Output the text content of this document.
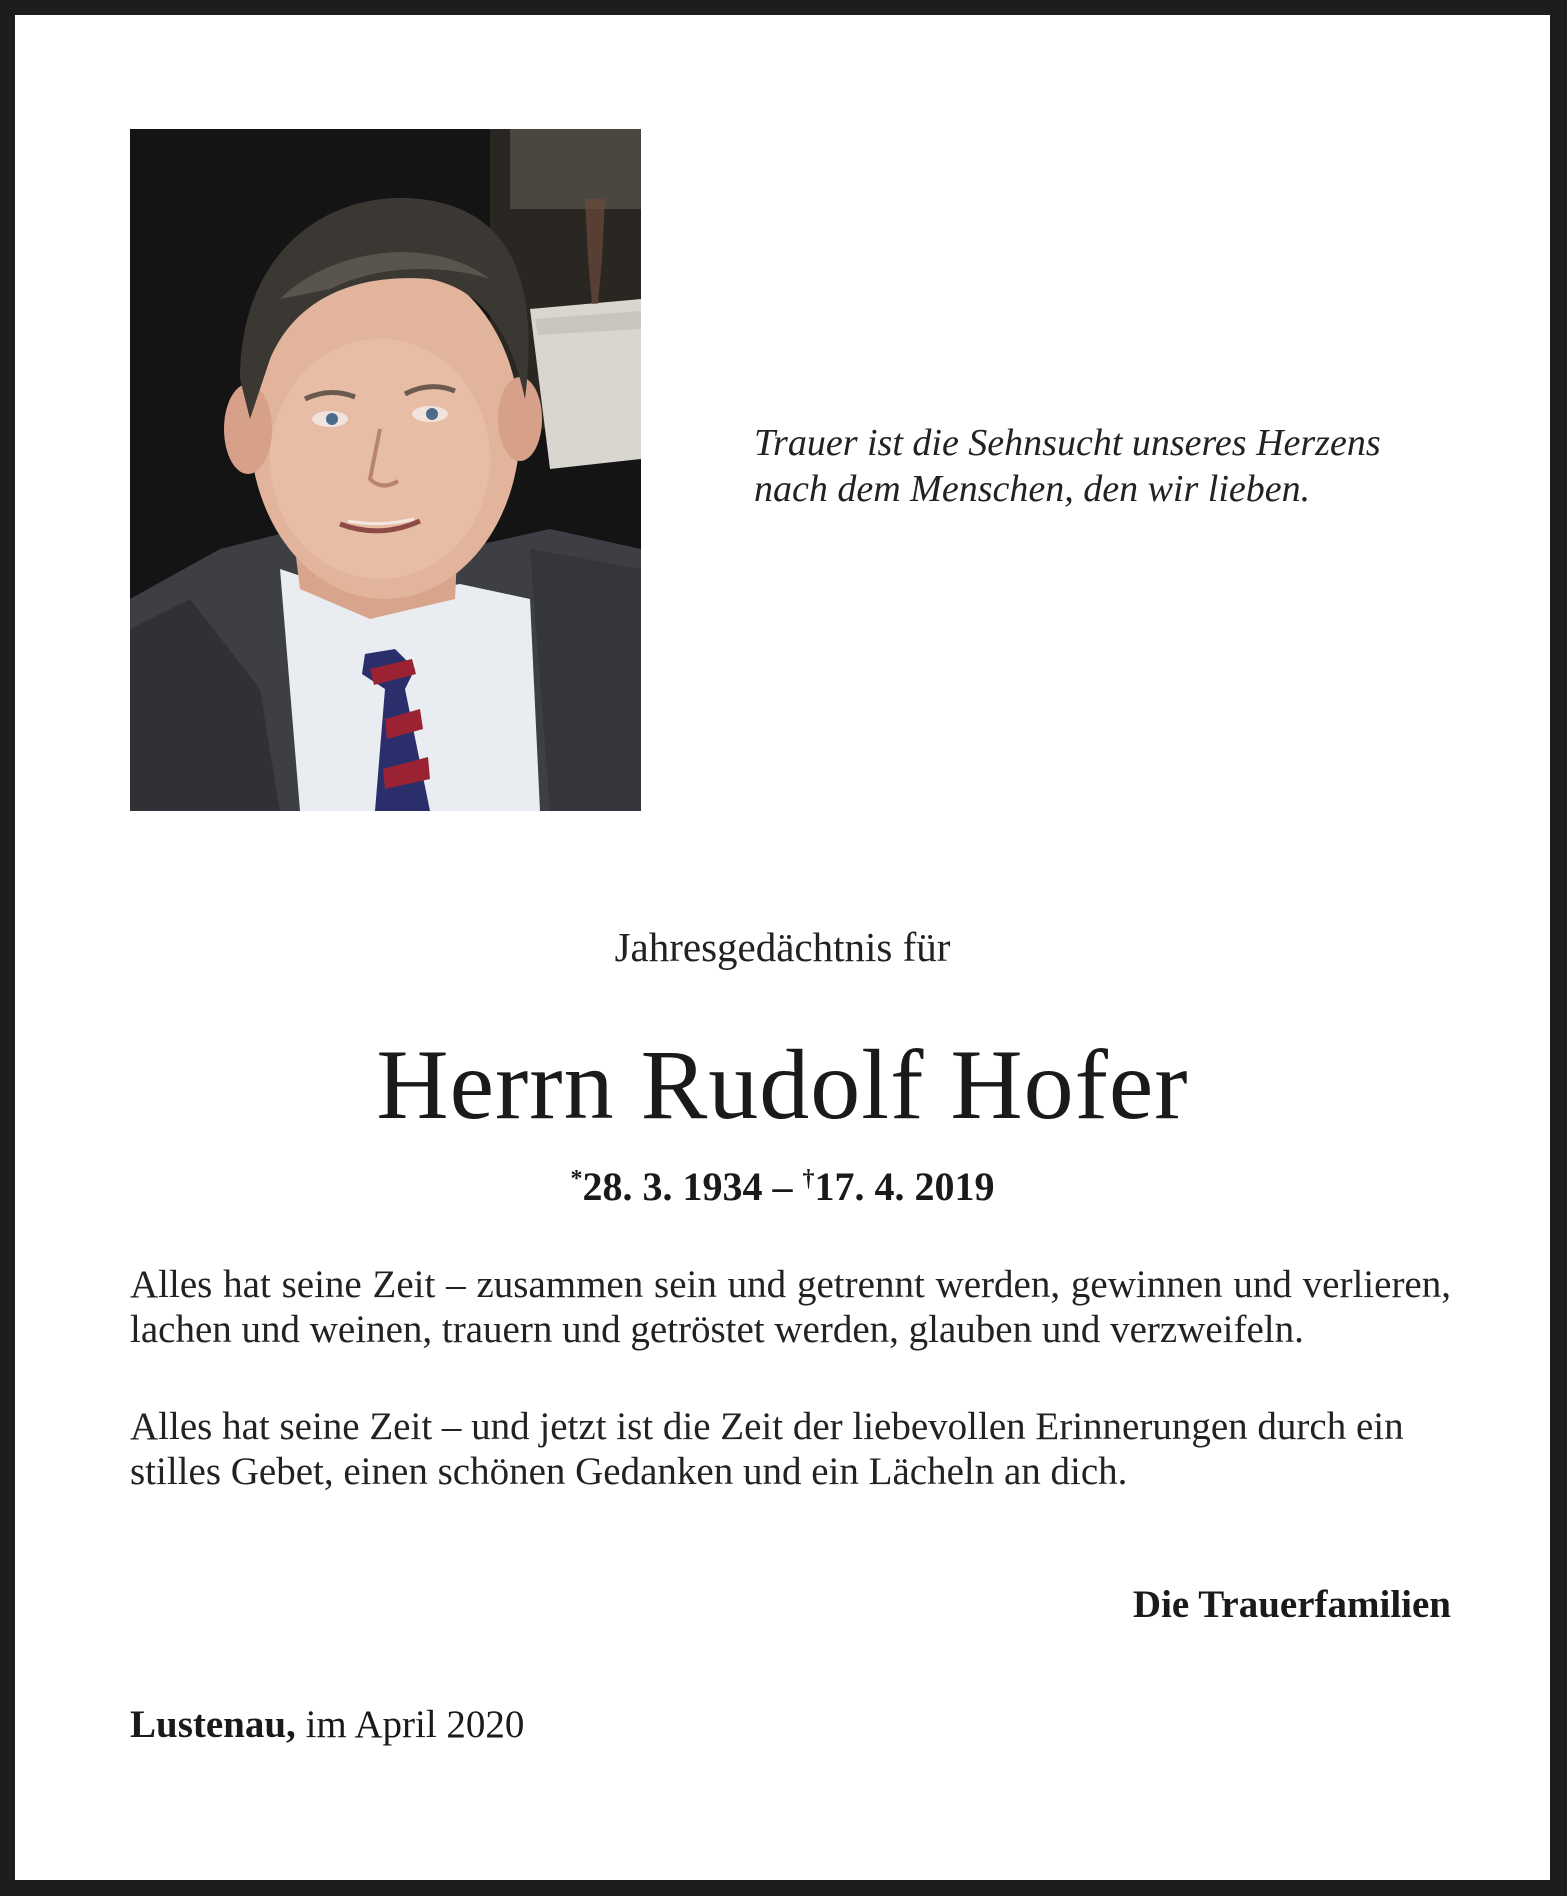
Trauer ist die Sehnsucht unseres Herzens
nach dem Menschen, den wir lieben.
Jahresgedächtnis für
Herrn Rudolf Hofer
*28. 3. 1934 – †17. 4. 2019
Alles hat seine Zeit – zusammen sein und getrennt werden, gewinnen und verlieren, lachen und weinen, trauern und getröstet werden, glauben und verzweifeln.
Alles hat seine Zeit – und jetzt ist die Zeit der liebevollen Erinnerungen durch ein stilles Gebet, einen schönen Gedanken und ein Lächeln an dich.
Die Trauerfamilien
Lustenau, im April 2020
